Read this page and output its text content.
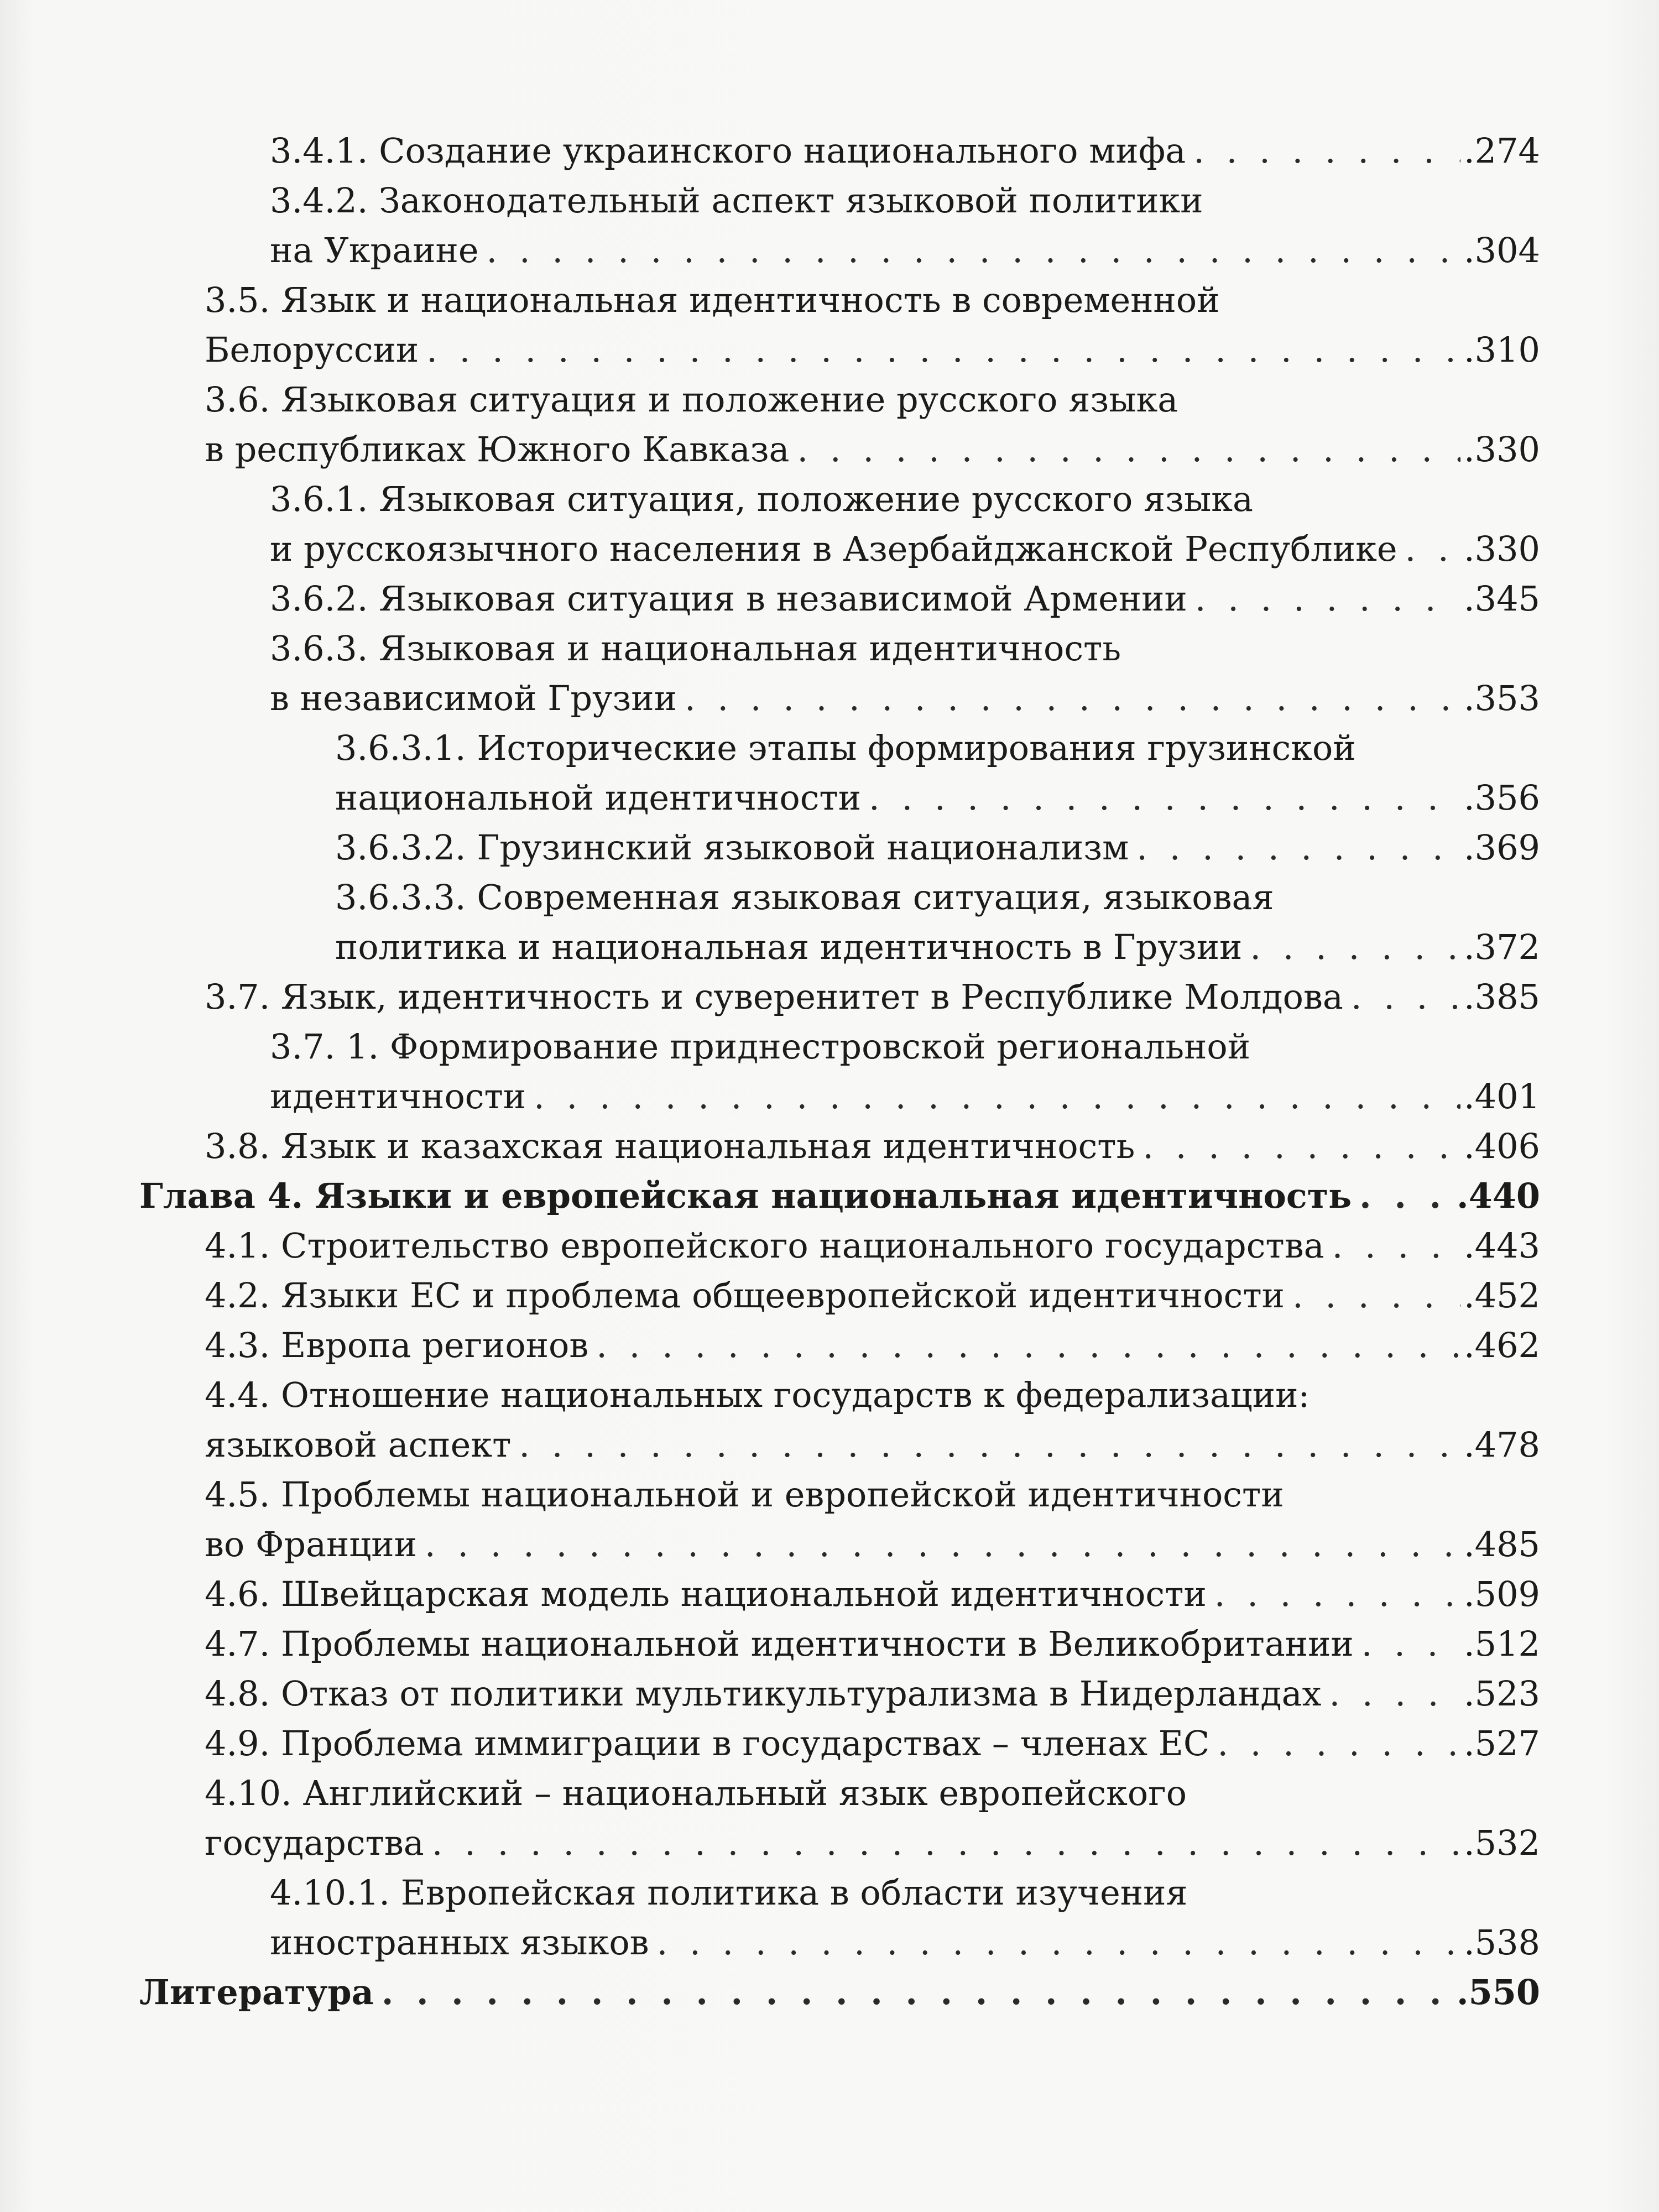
3.4.1. Создание украинского национального мифа . . .	.274
3.4.2. Законодательный аспект языковой политики
на Украине . . .	.304
3.5. Язык и национальная идентичность в современной
Белоруссии . . .	.310
3.6. Языковая ситуация и положение русского языка
в республиках Южного Кавказа . . .	.330
3.6.1. Языковая ситуация, положение русского языка
и русскоязычного населения в Азербайджанской Республике . . . .330
3.6.2. Языковая ситуация в независимой Армении . . .	.345
3.6.3. Языковая и национальная идентичность
в независимой Грузии . . .	.353
3.6.3.1. Исторические этапы формирования грузинской
национальной идентичности . . .	.356
3.6.3.2. Грузинский языковой национализм . . .	.369
3.6.3.3. Современная языковая ситуация, языковая
политика и национальная идентичность в Грузии . . .	.372
3.7. Язык, идентичность и суверенитет в Республике Молдова . . .	.385
3.7. 1. Формирование приднестровской региональной
идентичности . . .	.401
3.8. Язык и казахская национальная идентичность . . .	.406
Глава 4. Языки и европейская национальная идентичность . . .	.440
4.1. Строительство европейского национального государства . . .	.443
4.2. Языки ЕС и проблема общеевропейской идентичности . . .	.452
4.3. Европа регионов . . .	.462
4.4. Отношение национальных государств к федерализации:
языковой аспект . . .	.478
4.5. Проблемы национальной и европейской идентичности
во Франции . . .	.485
4.6. Швейцарская модель национальной идентичности . . .	.509
4.7. Проблемы национальной идентичности в Великобритании . . .	.512
4.8. Отказ от политики мультикультурализма в Нидерландах . . .	.523
4.9. Проблема иммиграции в государствах – членах ЕС . . .	.527
4.10. Английский – национальный язык европейского
государства . . .	.532
4.10.1. Европейская политика в области изучения
иностранных языков . . .	.538
Литература . . .	.550
